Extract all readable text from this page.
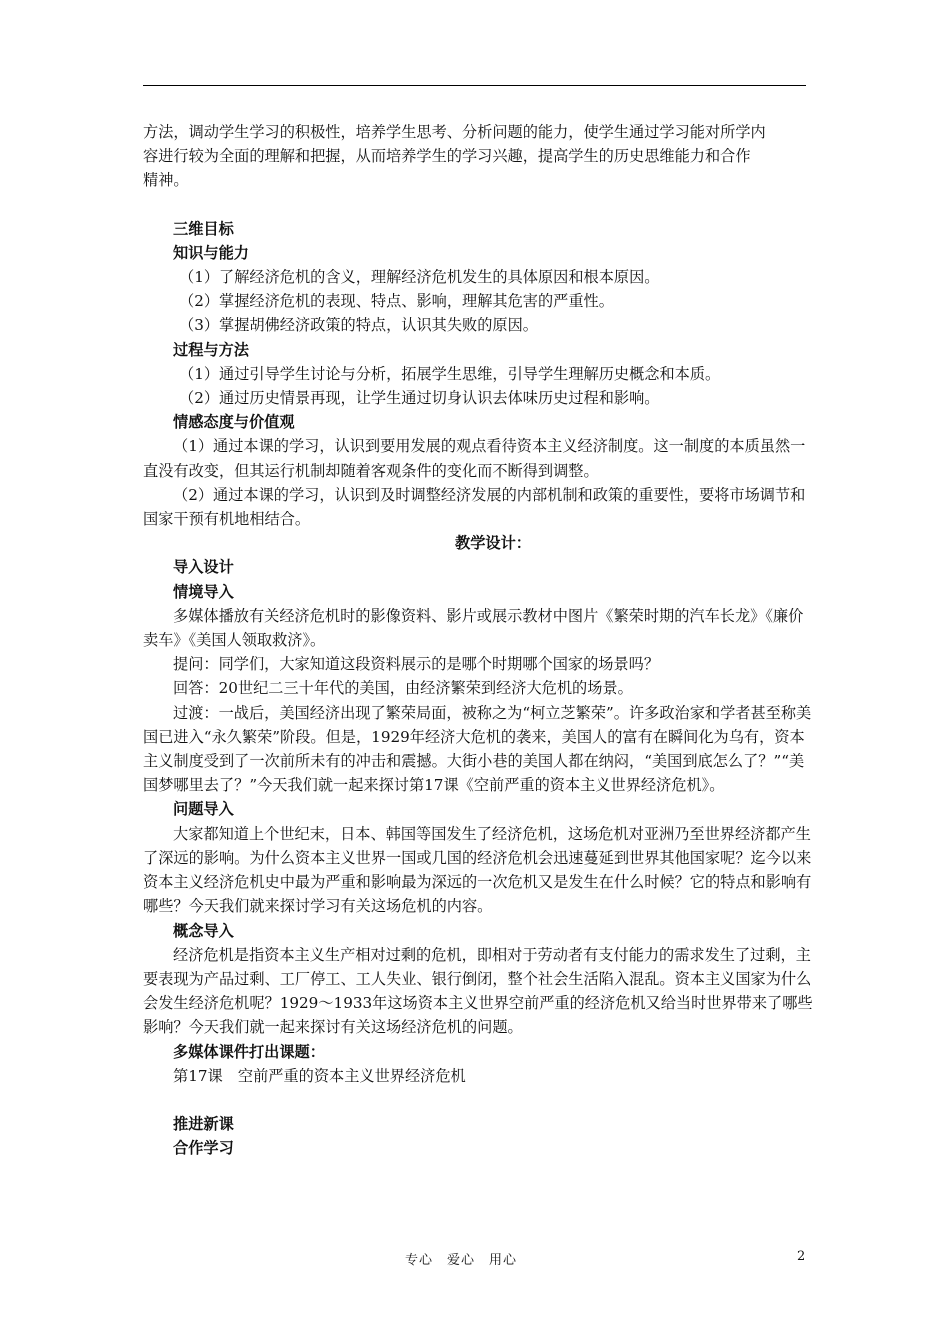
方法，调动学生学习的积极性，培养学生思考、分析问题的能力，使学生通过学习能对所学内

容进行较为全面的理解和把握，从而培养学生的学习兴趣，提高学生的历史思维能力和合作

精神。

三维目标

知识与能力

（1）了解经济危机的含义，理解经济危机发生的具体原因和根本原因。

（2）掌握经济危机的表现、特点、影响，理解其危害的严重性。

（3）掌握胡佛经济政策的特点，认识其失败的原因。

过程与方法

（1）通过引导学生讨论与分析，拓展学生思维，引导学生理解历史概念和本质。

（2）通过历史情景再现，让学生通过切身认识去体味历史过程和影响。

情感态度与价值观

（1）通过本课的学习，认识到要用发展的观点看待资本主义经济制度。这一制度的本质虽然一直没有改变，但其运行机制却随着客观条件的变化而不断得到调整。

（2）通过本课的学习，认识到及时调整经济发展的内部机制和政策的重要性，要将市场调节和国家干预有机地相结合。

教学设计：

导入设计

情境导入

多媒体播放有关经济危机时的影像资料、影片或展示教材中图片《繁荣时期的汽车长龙》《廉价卖车》《美国人领取救济》。

提问：同学们，大家知道这段资料展示的是哪个时期哪个国家的场景吗？

回答：20世纪二三十年代的美国，由经济繁荣到经济大危机的场景。

过渡：一战后，美国经济出现了繁荣局面，被称之为“柯立芝繁荣”。许多政治家和学者甚至称美国已进入“永久繁荣”阶段。但是，1929年经济大危机的袭来，美国人的富有在瞬间化为乌有，资本主义制度受到了一次前所未有的冲击和震撼。大街小巷的美国人都在纳闷，“美国到底怎么了？”“美国梦哪里去了？”今天我们就一起来探讨第17课《空前严重的资本主义世界经济危机》。

问题导入

大家都知道上个世纪末，日本、韩国等国发生了经济危机，这场危机对亚洲乃至世界经济都产生了深远的影响。为什么资本主义世界一国或几国的经济危机会迅速蔓延到世界其他国家呢？迄今以来资本主义经济危机史中最为严重和影响最为深远的一次危机又是发生在什么时候？它的特点和影响有哪些？今天我们就来探讨学习有关这场危机的内容。

概念导入

经济危机是指资本主义生产相对过剩的危机，即相对于劳动者有支付能力的需求发生了过剩，主要表现为产品过剩、工厂停工、工人失业、银行倒闭，整个社会生活陷入混乱。资本主义国家为什么会发生经济危机呢？1929～1933年这场资本主义世界空前严重的经济危机又给当时世界带来了哪些影响？今天我们就一起来探讨有关这场经济危机的问题。

多媒体课件打出课题：

第17课　空前严重的资本主义世界经济危机

推进新课

合作学习

专心　爱心　用心	2
